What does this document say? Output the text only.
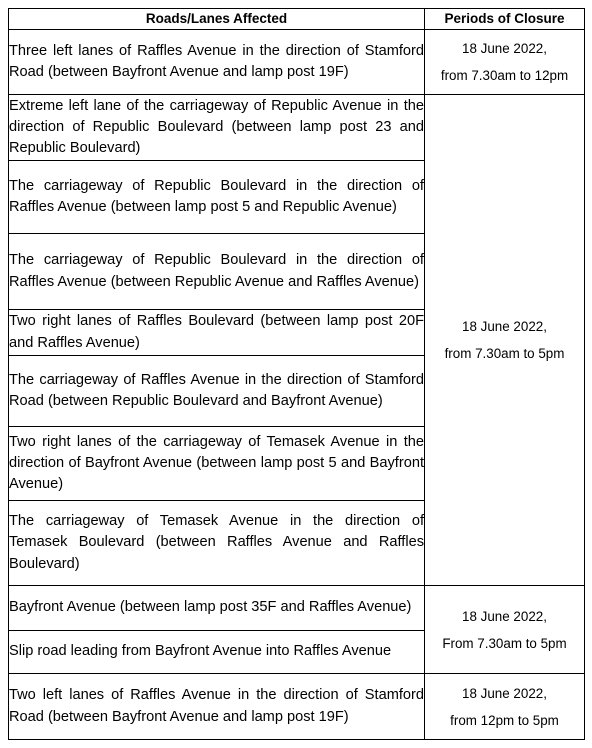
Roads/Lanes Affected	Periods of Closure
Three left lanes of Raffles Avenue in the direction of Stamford Road (between Bayfront Avenue and lamp post 19F)	18 June 2022,
from 7.30am to 12pm

Extreme left lane of the carriageway of Republic Avenue in the direction of Republic Boulevard (between lamp post 23 and Republic Boulevard)	18 June 2022,
from 7.30am to 5pm

The carriageway of Republic Boulevard in the direction of Raffles Avenue (between lamp post 5 and Republic Avenue)	
The carriageway of Republic Boulevard in the direction of Raffles Avenue (between Republic Avenue and Raffles Avenue)	
Two right lanes of Raffles Boulevard (between lamp post 20F and Raffles Avenue)	
The carriageway of Raffles Avenue in the direction of Stamford Road (between Republic Boulevard and Bayfront Avenue)	
Two right lanes of the carriageway of Temasek Avenue in the direction of Bayfront Avenue (between lamp post 5 and Bayfront Avenue)	
The carriageway of Temasek Avenue in the direction of Temasek Boulevard (between Raffles Avenue and Raffles Boulevard)	
Bayfront Avenue (between lamp post 35F and Raffles Avenue)	18 June 2022,
From 7.30am to 5pm

Slip road leading from Bayfront Avenue into Raffles Avenue	
Two left lanes of Raffles Avenue in the direction of Stamford Road (between Bayfront Avenue and lamp post 19F)	18 June 2022,
from 12pm to 5pm
